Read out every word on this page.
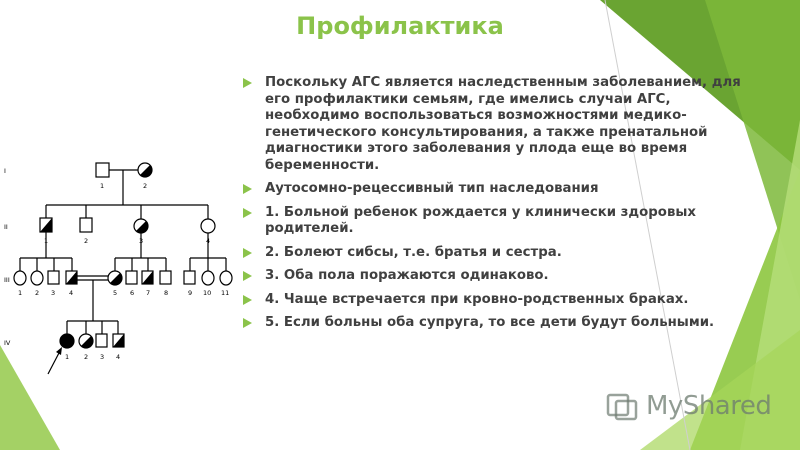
Профилактика
Поскольку АГС является наследственным заболеванием, для его профилактики семьям, где имелись случаи АГС, необходимо воспользоваться возможностями медико-генетического консультирования, а также пренатальной диагностики этого заболевания у плода еще во время беременности.
Аутосомно-рецессивный тип наследования
1. Больной ребенок рождается у клинически здоровых родителей.
2. Болеют сибсы, т.е. братья и сестра.
3. Оба пола поражаются одинаково.
4. Чаще встречается при кровно-родственных браках.
5. Если больны оба супруга, то все дети будут больными.
I
II
III
IV
1	2
1	2	3	4
1 2 3 4	5 6 7 8	9 10 11
1 2 3 4
MyShared
